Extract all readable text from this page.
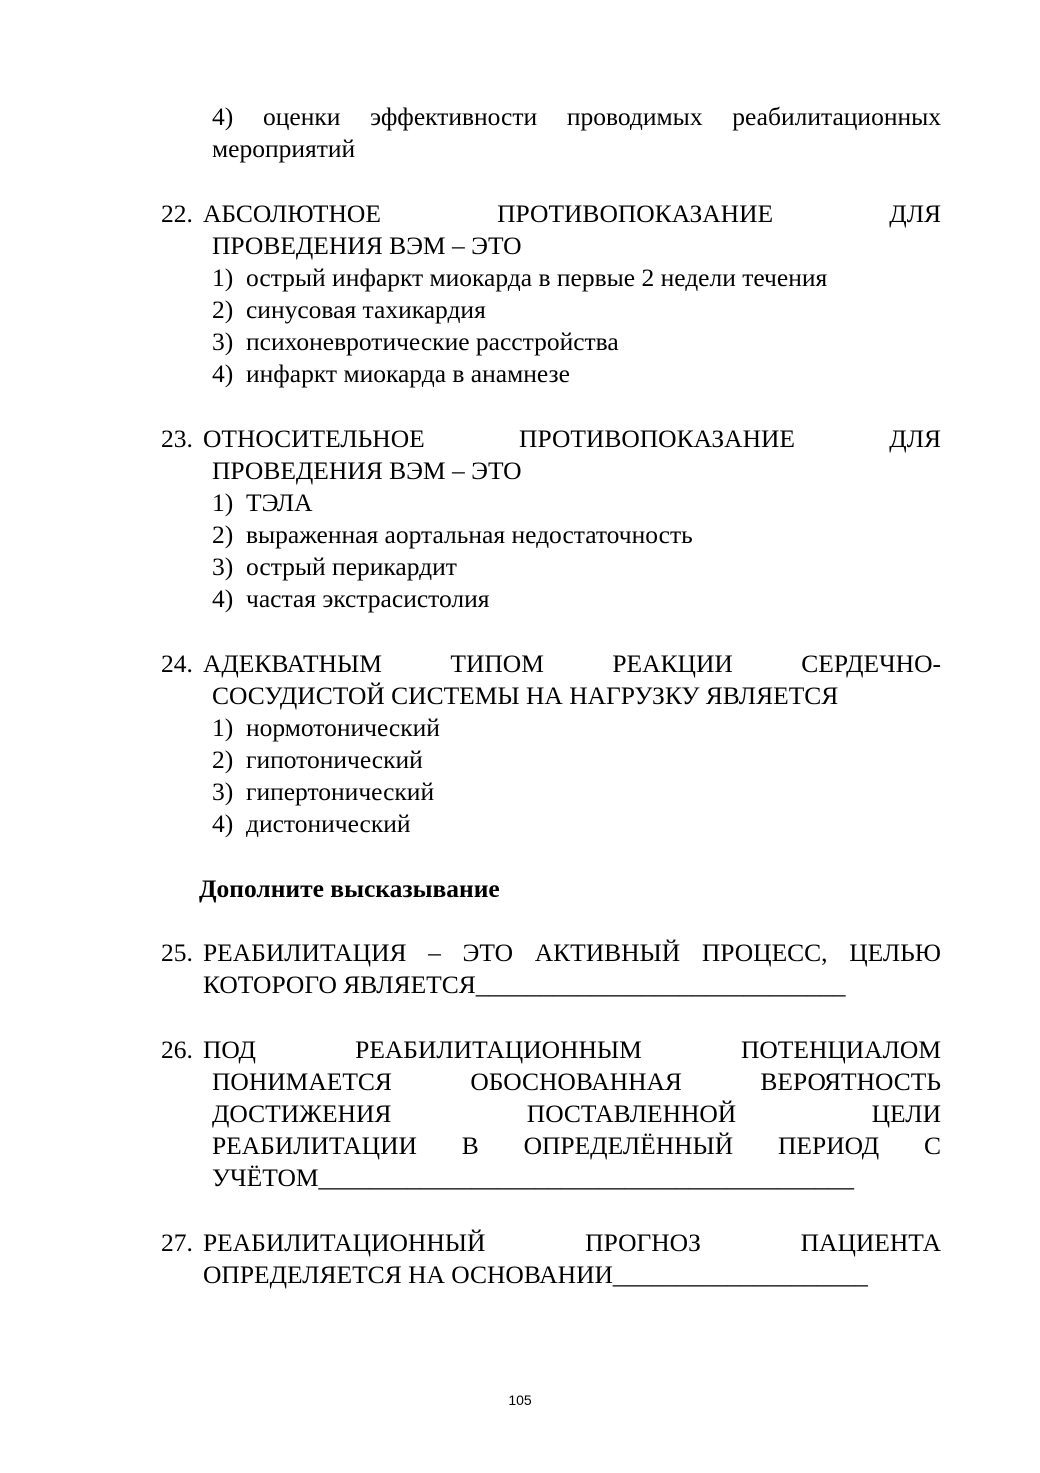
4) оценки эффективности проводимых реабилитационных
мероприятий
22. АБСОЛЮТНОЕ ПРОТИВОПОКАЗАНИЕ ДЛЯ
ПРОВЕДЕНИЯ ВЭМ – ЭТО
1)  острый инфаркт миокарда в первые 2 недели течения
2)  синусовая тахикардия
3)  психоневротические расстройства
4)  инфаркт миокарда в анамнезе
23. ОТНОСИТЕЛЬНОЕ ПРОТИВОПОКАЗАНИЕ ДЛЯ
ПРОВЕДЕНИЯ ВЭМ – ЭТО
1)  ТЭЛА
2)  выраженная аортальная недостаточность
3)  острый перикардит
4)  частая экстрасистолия
24. АДЕКВАТНЫМ ТИПОМ РЕАКЦИИ СЕРДЕЧНО-
СОСУДИСТОЙ СИСТЕМЫ НА НАГРУЗКУ ЯВЛЯЕТСЯ
1)  нормотонический
2)  гипотонический
3)  гипертонический
4)  дистонический
Дополните высказывание
25. РЕАБИЛИТАЦИЯ – ЭТО АКТИВНЫЙ ПРОЦЕСС, ЦЕЛЬЮ
КОТОРОГО ЯВЛЯЕТСЯ_____________________________
26. ПОД РЕАБИЛИТАЦИОННЫМ ПОТЕНЦИАЛОМ
ПОНИМАЕТСЯ ОБОСНОВАННАЯ ВЕРОЯТНОСТЬ
ДОСТИЖЕНИЯ ПОСТАВЛЕННОЙ ЦЕЛИ
РЕАБИЛИТАЦИИ В ОПРЕДЕЛЁННЫЙ ПЕРИОД С
УЧЁТОМ__________________________________________
27. РЕАБИЛИТАЦИОННЫЙ ПРОГНОЗ ПАЦИЕНТА
ОПРЕДЕЛЯЕТСЯ НА ОСНОВАНИИ____________________
105
